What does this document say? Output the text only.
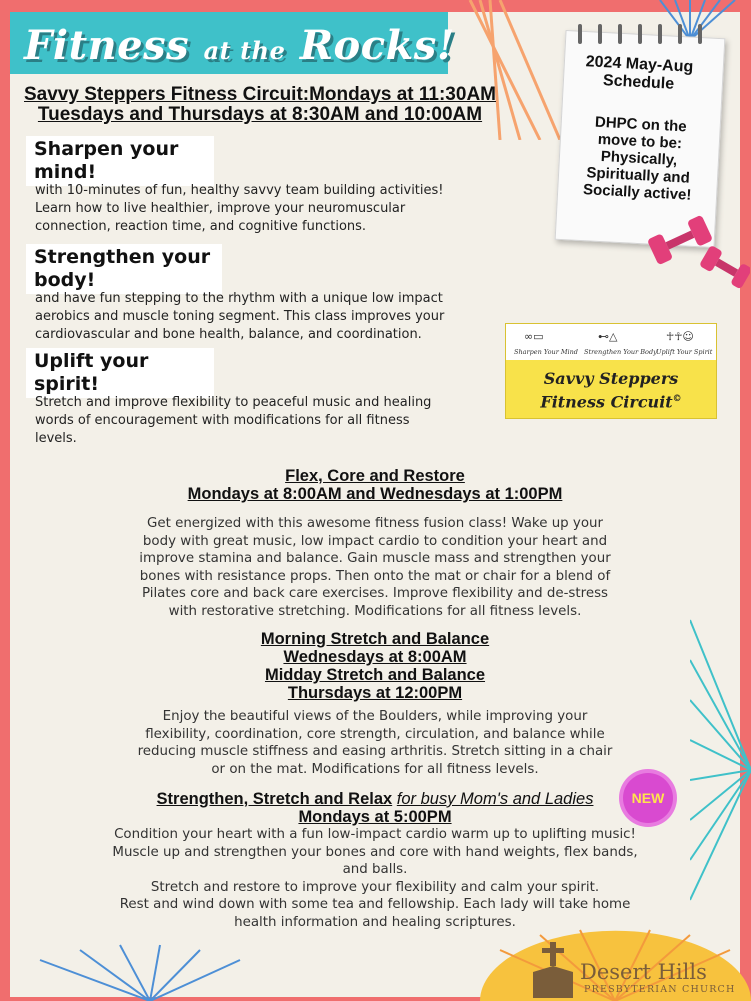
Fitness at the Rocks!
Savvy Steppers Fitness Circuit:Mondays at 11:30AM
Tuesdays and Thursdays at 8:30AM and 10:00AM
Sharpen your
mind!
with 10-minutes of fun, healthy savvy team building activities!
Learn how to live healthier, improve your neuromuscular
connection, reaction time, and cognitive functions.
Strengthen your
body!
and have fun stepping to the rhythm with a unique low impact
aerobics and muscle toning segment. This class improves your
cardiovascular and bone health, balance, and coordination.
Uplift your
spirit!
Stretch and improve flexibility to peaceful music and healing
words of encouragement with modifications for all fitness
levels.
2024 May-Aug
Schedule
DHPC on the
move to be:
Physically,
Spiritually and
Socially active!
∞▭	⊷△	☥☥☺
Sharpen Your Mind Strengthen Your Body Uplift Your Spirit
Savvy Steppers
Fitness Circuit©
Flex, Core and Restore
Mondays at 8:00AM and Wednesdays at 1:00PM
Get energized with this awesome fitness fusion class! Wake up your
body with great music, low impact cardio to condition your heart and
improve stamina and balance. Gain muscle mass and strengthen your
bones with resistance props. Then onto the mat or chair for a blend of
Pilates core and back care exercises. Improve flexibility and de-stress
with restorative stretching. Modifications for all fitness levels.
Morning Stretch and Balance
Wednesdays at 8:00AM
Midday Stretch and Balance
Thursdays at 12:00PM
Enjoy the beautiful views of the Boulders, while improving your
flexibility, coordination, core strength, circulation, and balance while
reducing muscle stiffness and easing arthritis. Stretch sitting in a chair
or on the mat. Modifications for all fitness levels.
Strengthen, Stretch and Relax for busy Mom's and Ladies
Mondays at 5:00PM
NEW
Condition your heart with a fun low-impact cardio warm up to uplifting music!
Muscle up and strengthen your bones and core with hand weights, flex bands,
and balls.
Stretch and restore to improve your flexibility and calm your spirit.
Rest and wind down with some tea and fellowship. Each lady will take home
health information and healing scriptures.
Desert Hills
PRESBYTERIAN CHURCH
